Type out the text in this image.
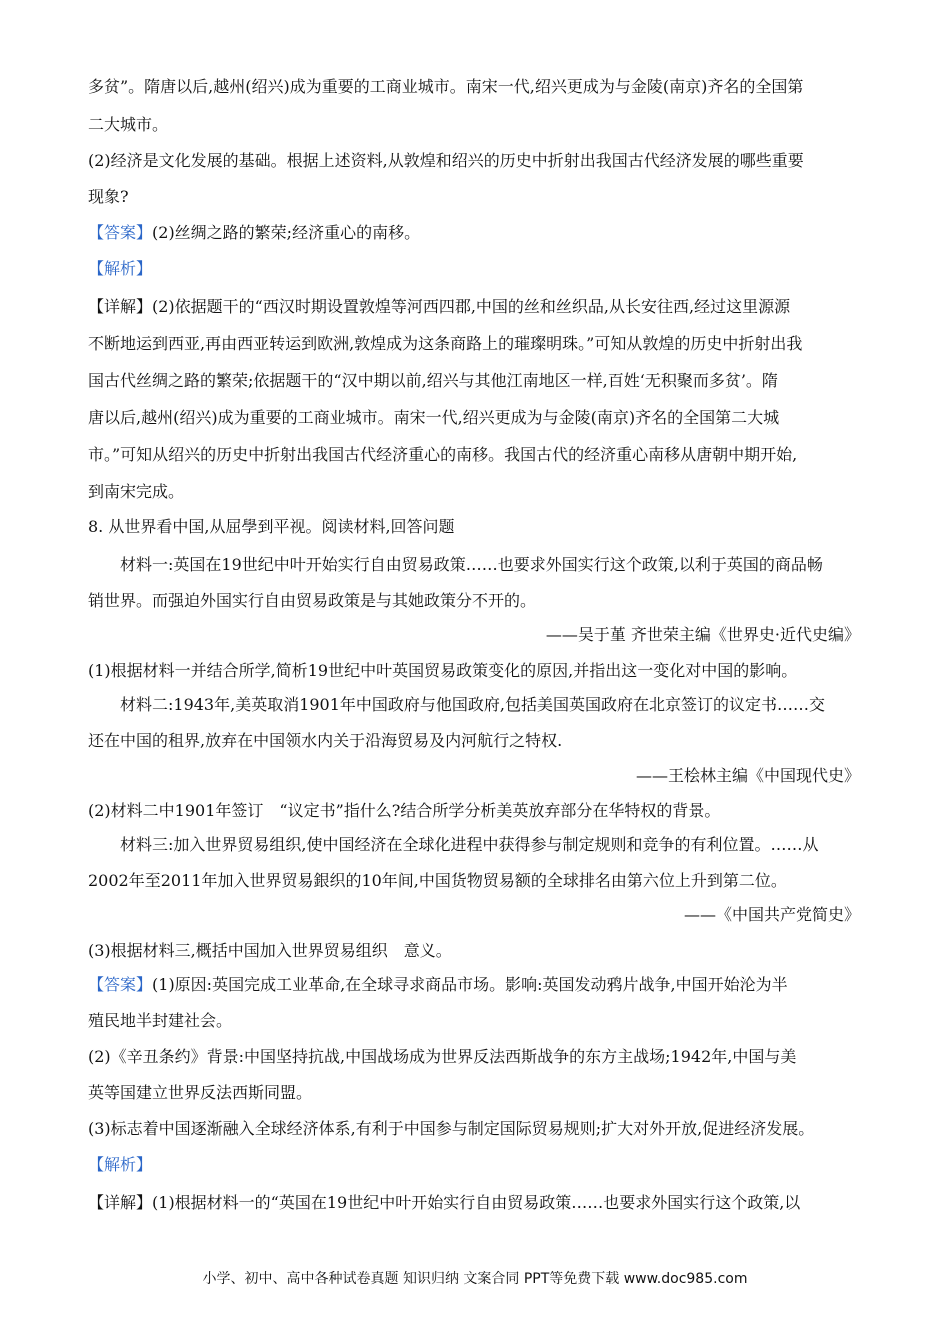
多贫”。隋唐以后,越州(绍兴)成为重要的工商业城市。南宋一代,绍兴更成为与金陵(南京)齐名的全国第
二大城市。
(2)经济是文化发展的基础。根据上述资料,从敦煌和绍兴的历史中折射出我国古代经济发展的哪些重要
现象?
【答案】(2)丝绸之路的繁荣;经济重心的南移。
【解析】
【详解】(2)依据题干的“西汉时期设置敦煌等河西四郡,中国的丝和丝织品,从长安往西,经过这里源源
不断地运到西亚,再由西亚转运到欧洲,敦煌成为这条商路上的璀璨明珠。”可知从敦煌的历史中折射出我
国古代丝绸之路的繁荣;依据题干的“汉中期以前,绍兴与其他江南地区一样,百姓‘无积聚而多贫’。隋
唐以后,越州(绍兴)成为重要的工商业城市。南宋一代,绍兴更成为与金陵(南京)齐名的全国第二大城
市。”可知从绍兴的历史中折射出我国古代经济重心的南移。我国古代的经济重心南移从唐朝中期开始,
到南宋完成。
8. 从世界看中国,从屈學到平视。阅读材料,回答问题
材料一:英国在19世纪中叶开始实行自由贸易政策……也要求外国实行这个政策,以利于英国的商品畅
销世界。而强迫外国实行自由贸易政策是与其她政策分不开的。
——吴于堇 齐世荣主编《世界史·近代史编》
(1)根据材料一并结合所学,简析19世纪中叶英国贸易政策变化的原因,并指出这一变化对中国的影响。
材料二:1943年,美英取消1901年中国政府与他国政府,包括美国英国政府在北京签订的议定书……交
还在中国的租界,放弃在中国领水内关于沿海贸易及内河航行之特权.
——王桧林主编《中国现代史》
(2)材料二中1901年签订　“议定书”指什么?结合所学分析美英放弃部分在华特权的背景。
材料三:加入世界贸易组织,使中国经济在全球化进程中获得参与制定规则和竞争的有利位置。……从
2002年至2011年加入世界贸易銀织的10年间,中国货物贸易额的全球排名由第六位上升到第二位。
——《中国共产党简史》
(3)根据材料三,概括中国加入世界贸易组织　意义。
【答案】(1)原因:英国完成工业革命,在全球寻求商品市场。影响:英国发动鸦片战争,中国开始沦为半
殖民地半封建社会。
(2)《辛丑条约》背景:中国坚持抗战,中国战场成为世界反法西斯战争的东方主战场;1942年,中国与美
英等国建立世界反法西斯同盟。
(3)标志着中国逐渐融入全球经济体系,有利于中国参与制定国际贸易规则;扩大对外开放,促进经济发展。
【解析】
【详解】(1)根据材料一的“英国在19世纪中叶开始实行自由贸易政策……也要求外国实行这个政策,以
小学、初中、高中各种试卷真题 知识归纳 文案合同 PPT等免费下载 www.doc985.com
